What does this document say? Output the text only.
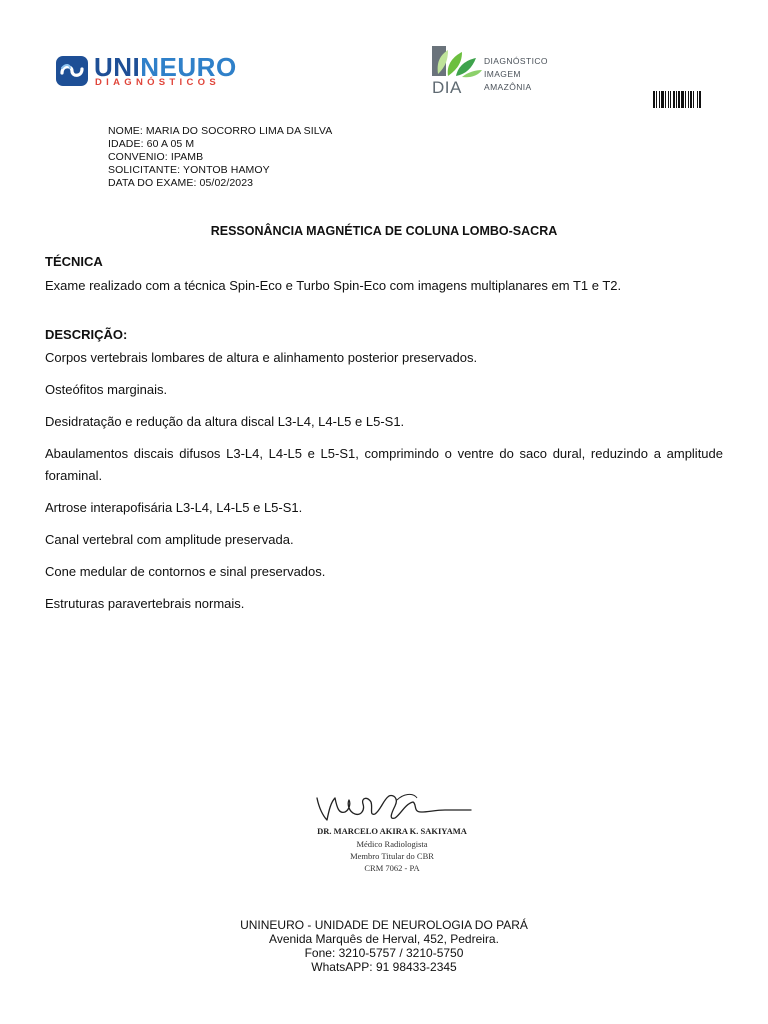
UNINEURO
DIAGNÓSTICOS	DIA
DIAGNÓSTICO
IMAGEM
AMAZÔNIA
NOME: MARIA DO SOCORRO LIMA DA SILVA
IDADE: 60 A 05 M
CONVENIO: IPAMB
SOLICITANTE: YONTOB HAMOY
DATA DO EXAME: 05/02/2023
RESSONÂNCIA MAGNÉTICA DE COLUNA LOMBO-SACRA
TÉCNICA
Exame realizado com a técnica Spin-Eco e Turbo Spin-Eco com imagens multiplanares em T1 e T2.
DESCRIÇÃO:
Corpos vertebrais lombares de altura e alinhamento posterior preservados.
Osteófitos marginais.
Desidratação e redução da altura discal L3-L4, L4-L5 e L5-S1.
Abaulamentos discais difusos L3-L4, L4-L5 e L5-S1, comprimindo o ventre do saco dural, reduzindo a amplitude foraminal.
Artrose interapofisária L3-L4, L4-L5 e L5-S1.
Canal vertebral com amplitude preservada.
Cone medular de contornos e sinal preservados.
Estruturas paravertebrais normais.
DR. MARCELO AKIRA K. SAKIYAMA
Médico Radiologista
Membro Titular do CBR
CRM 7062 - PA
UNINEURO - UNIDADE DE NEUROLOGIA DO PARÁ
Avenida Marquês de Herval, 452, Pedreira.
Fone: 3210-5757 / 3210-5750
WhatsAPP: 91 98433-2345
